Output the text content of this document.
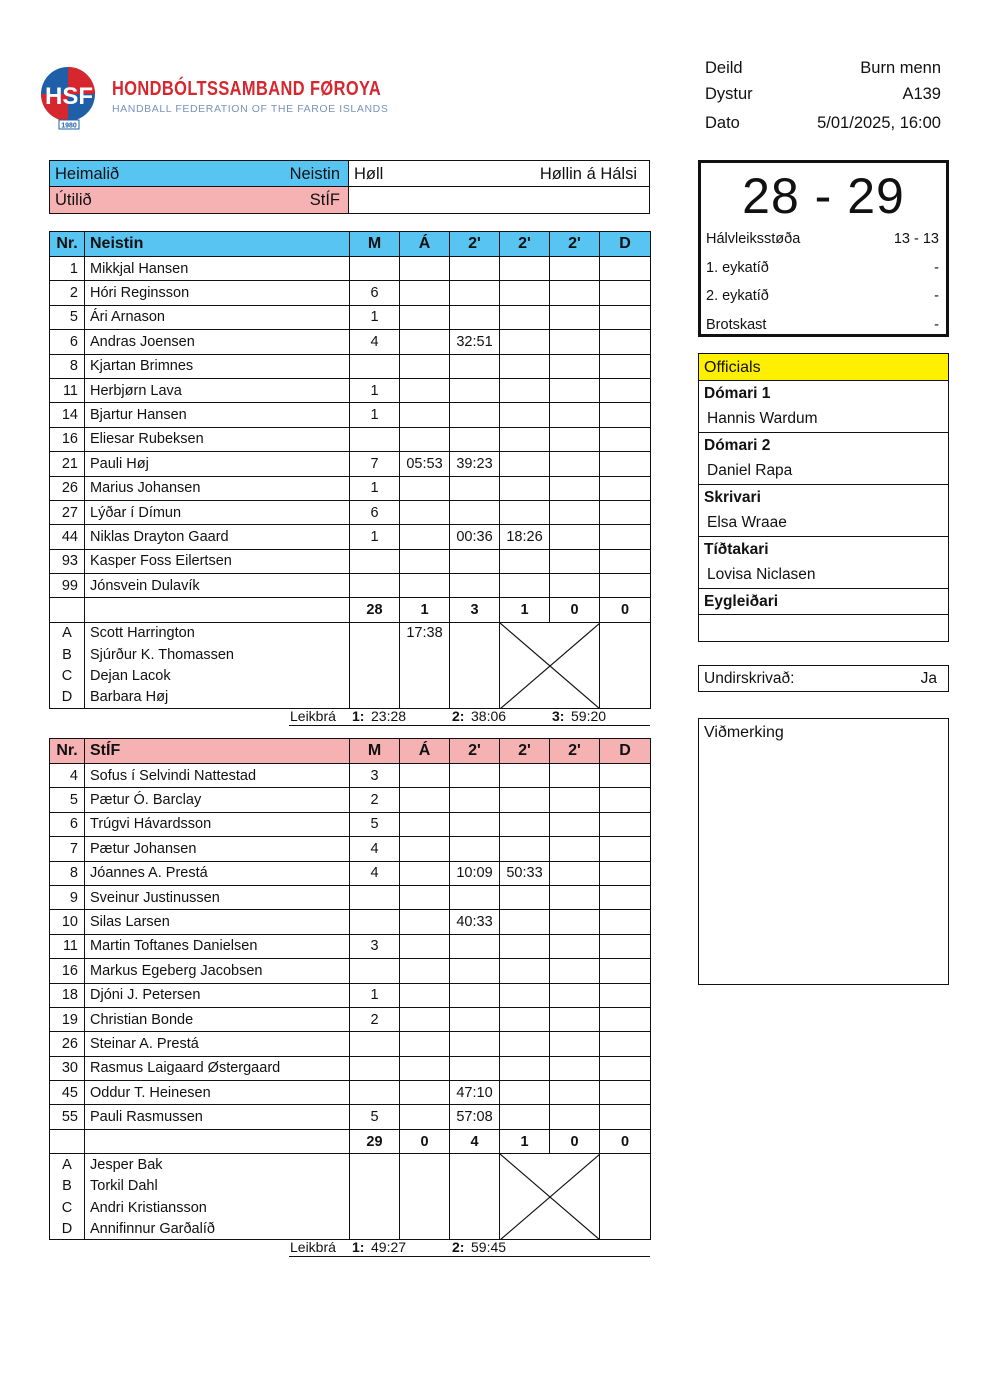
HSF
1980
HONDBÓLTSSAMBAND FØROYA
HANDBALL FEDERATION OF THE FAROE ISLANDS
Deild	Burn menn
Dystur	A139
Dato	5/01/2025, 16:00
Heimalið	Neistin Høll	Høllin á Hálsi
Útilið	StÍF
Nr.	Neistin	M	Á	2'	2'	2'	D
1	Mikkjal Hansen						
2	Hóri Reginsson	6					
5	Ári Arnason	1					
6	Andras Joensen	4		32:51			
8	Kjartan Brimnes						
11	Herbjørn Lava	1					
14	Bjartur Hansen	1					
16	Eliesar Rubeksen						
21	Pauli Høj	7	05:53	39:23			
26	Marius Johansen	1					
27	Lýðar í Dímun	6					
44	Niklas Drayton Gaard	1		00:36	18:26		
93	Kasper Foss Eilertsen						
99	Jónsvein Dulavík						
		28	1	3	1	0	0
A	Scott Harrington		17:38		

B	Sjúrður K. Thomassen						
C	Dejan Lacok						
D	Barbara Høj						
Leikbrá 1: 23:28	2: 38:06	3: 59:20
Nr.	StÍF	M	Á	2'	2'	2'	D
4	Sofus í Selvindi Nattestad	3					
5	Pætur Ó. Barclay	2					
6	Trúgvi Hávardsson	5					
7	Pætur Johansen	4					
8	Jóannes A. Prestá	4		10:09	50:33		
9	Sveinur Justinussen						
10	Silas Larsen			40:33			
11	Martin Toftanes Danielsen	3					
16	Markus Egeberg Jacobsen						
18	Djóni J. Petersen	1					
19	Christian Bonde	2					
26	Steinar A. Prestá						
30	Rasmus Laigaard Østergaard						
45	Oddur T. Heinesen			47:10			
55	Pauli Rasmussen	5		57:08			
		29	0	4	1	0	0
A	Jesper Bak				

B	Torkil Dahl						
C	Andri Kristiansson						
D	Annifinnur Garðalíð						
Leikbrá 1: 49:27	2: 59:45
28 - 29
Hálvleiksstøða	13 - 13
1. eykatíð	-
2. eykatíð	-
Brotskast	-
Officials
Dómari 1
Hannis Wardum
Dómari 2
Daniel Rapa
Skrivari
Elsa Wraae
Tíðtakari
Lovisa Niclasen
Eygleiðari
Undirskrivað:	Ja
Viðmerking
